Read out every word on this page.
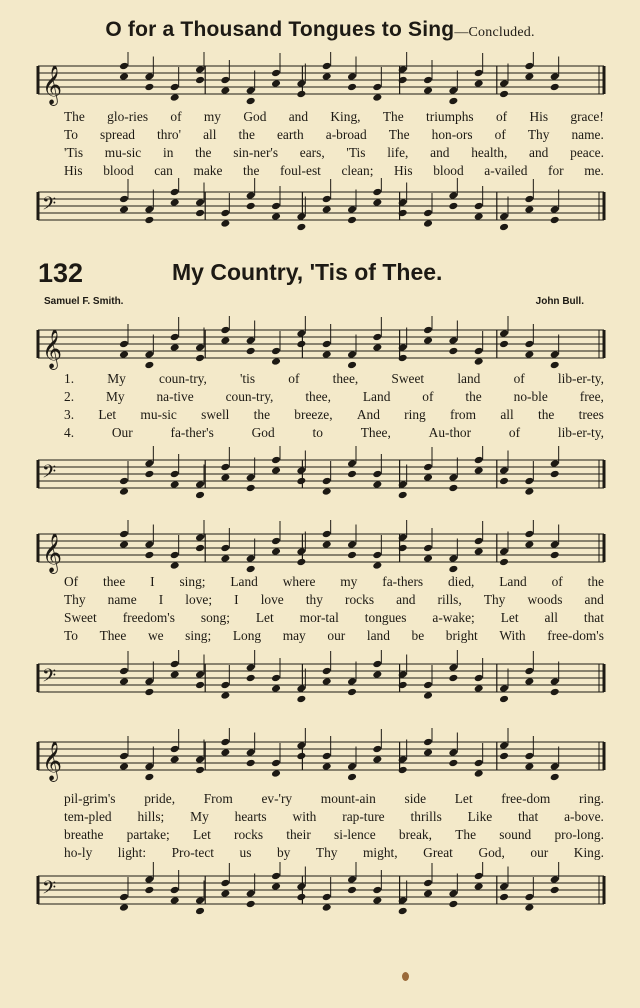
O for a Thousand Tongues to Sing—Concluded.
𝄞
The glo-ries of my God and King, The triumphs of His grace!
To spread thro' all the earth a-broad The hon-ors of Thy name.
'Tis mu-sic in the sin-ner's ears, 'Tis life, and health, and peace.
His blood can make the foul-est clean; His blood a-vailed for me.
𝄢
132	My Country, 'Tis of Thee.
Samuel F. Smith.	John Bull.
𝄞
1. My coun-try, 'tis of thee, Sweet land of lib-er-ty,
2. My na-tive coun-try, thee, Land of the no-ble free,
3. Let mu-sic swell the breeze, And ring from all the trees
4.	Our	fa-ther's	God	to	Thee,	Au-thor	of	lib-er-ty,
𝄢
𝄞
Of thee I sing; Land where my fa-thers died, Land of the
Thy name I love; I love thy rocks and rills, Thy woods and
Sweet freedom's song; Let mor-tal tongues a-wake; Let all that
To Thee we sing; Long may our land be bright With free-dom's
𝄢
𝄞
pil-grim's pride, From ev-'ry mount-ain side Let free-dom ring.
tem-pled hills; My hearts with rap-ture thrills Like that a-bove.
breathe partake; Let rocks their si-lence break, The sound pro-long.
ho-ly light: Pro-tect us by Thy might, Great God, our King.
𝄢
